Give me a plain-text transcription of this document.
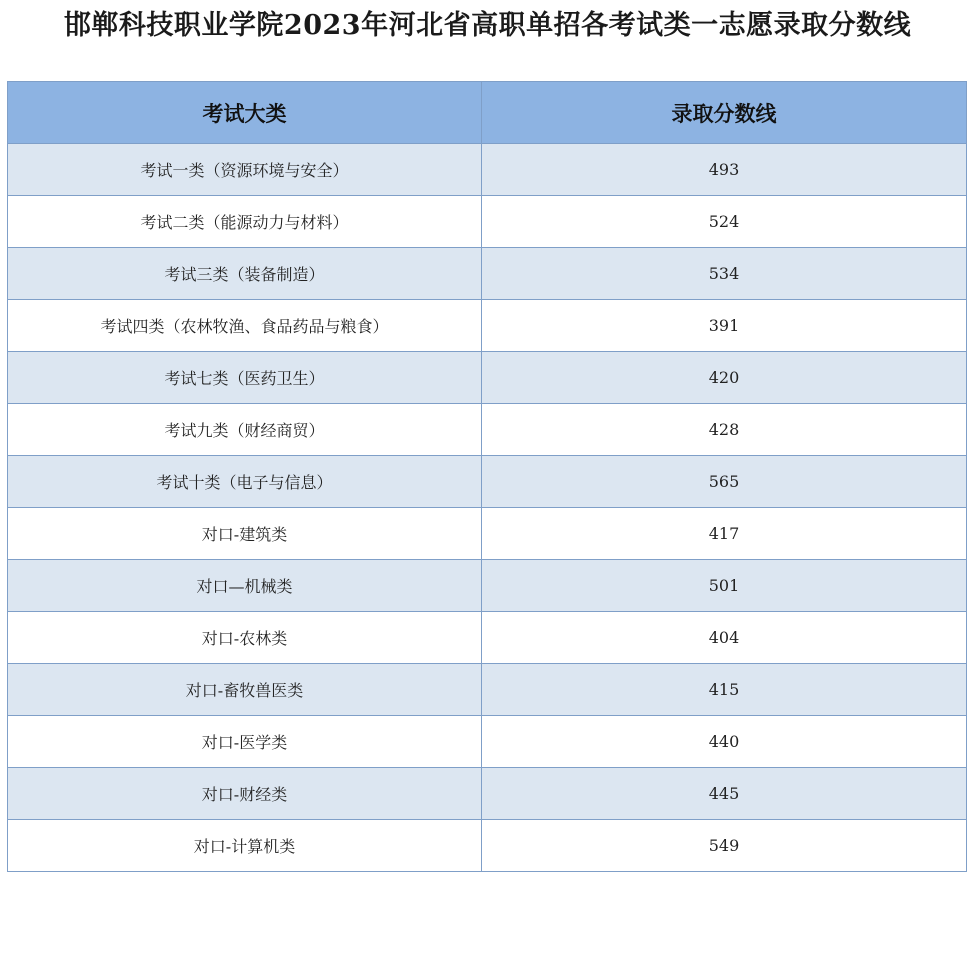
邯郸科技职业学院2023年河北省高职单招各考试类一志愿录取分数线
考试大类	录取分数线
考试一类（资源环境与安全）	493
考试二类（能源动力与材料）	524
考试三类（装备制造）	534
考试四类（农林牧渔、食品药品与粮食）	391
考试七类（医药卫生）	420
考试九类（财经商贸）	428
考试十类（电子与信息）	565
对口-建筑类	417
对口—机械类	501
对口-农林类	404
对口-畜牧兽医类	415
对口-医学类	440
对口-财经类	445
对口-计算机类	549
